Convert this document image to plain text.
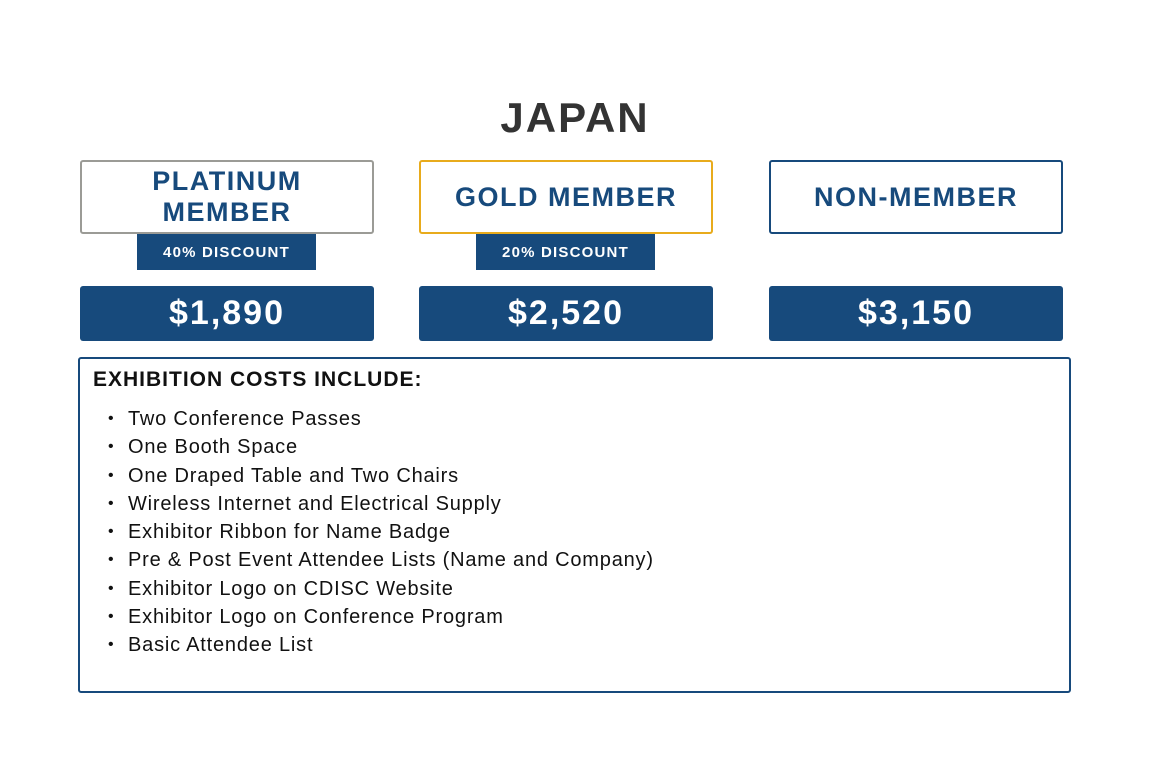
JAPAN
PLATINUM
MEMBER
40% DISCOUNT
$1,890
GOLD MEMBER
20% DISCOUNT
$2,520
NON-MEMBER
$3,150
EXHIBITION COSTS INCLUDE:
• Two Conference Passes
• One Booth Space
• One Draped Table and Two Chairs
• Wireless Internet and Electrical Supply
• Exhibitor Ribbon for Name Badge
• Pre & Post Event Attendee Lists (Name and Company)
• Exhibitor Logo on CDISC Website
• Exhibitor Logo on Conference Program
• Basic Attendee List
